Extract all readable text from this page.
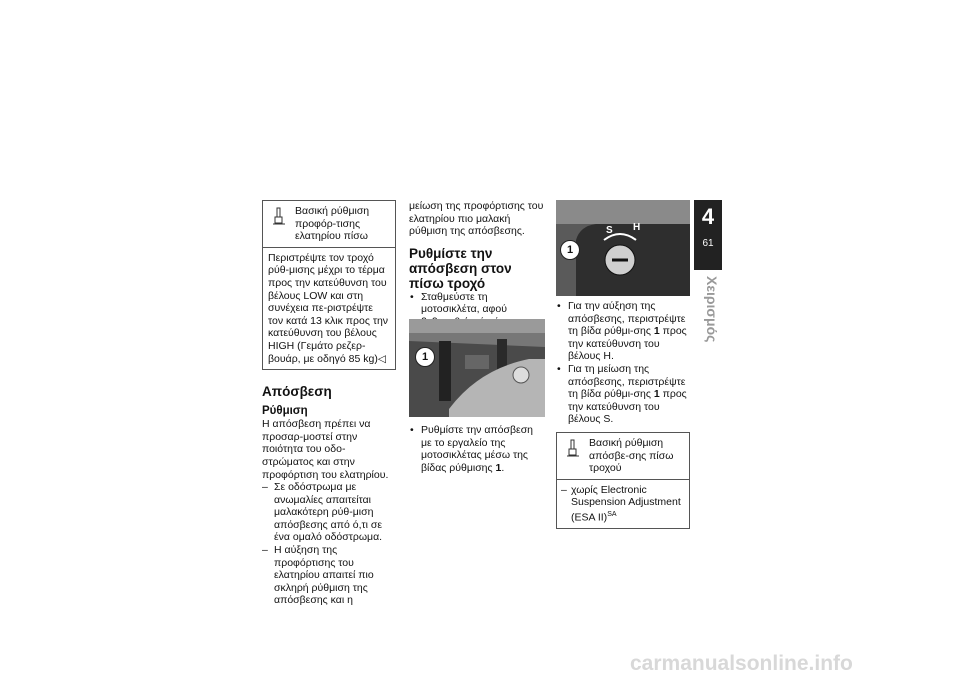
Βασική ρύθμιση προφόρ-τισης ελατηρίου πίσω
Περιστρέψτε τον τροχό ρύθ-μισης μέχρι το τέρμα προς την κατεύθυνση του βέλους LOW και στη συνέχεια πε-ριστρέψτε τον κατά 13 κλικ προς την κατεύθυνση του βέλους HIGH (Γεμάτο ρεζερ-βουάρ, με οδηγό 85 kg)◁
Απόσβεση
Ρύθμιση

Η απόσβεση πρέπει να προσαρ-μοστεί στην ποιότητα του οδο-στρώματος και στην προφόρτιση του ελατηρίου.

– Σε οδόστρωμα με ανωμαλίες απαιτείται μαλακότερη ρύθ-μιση απόσβεσης από ό,τι σε ένα ομαλό οδόστρωμα.
– Η αύξηση της προφόρτισης του ελατηρίου απαιτεί πιο σκληρή ρύθμιση της απόσβεσης και η

μείωση της προφόρτισης του ελατηρίου πιο μαλακή ρύθμιση της απόσβεσης.

Ρυθμίστε την απόσβεση στον πίσω τροχό
• Σταθμεύστε τη μοτοσικλέτα, αφού
1
• Ρυθμίστε την απόσβεση με το εργαλείο της μοτοσικλέτας μέσω της βίδας ρύθμισης 1.
S H
1
• Για την αύξηση της απόσβεσης, περιστρέψτε τη βίδα ρύθμι-σης 1 προς την κατεύθυνση του βέλους H.
• Για τη μείωση της απόσβεσης, περιστρέψτε τη βίδα ρύθμι-σης 1 προς την κατεύθυνση του βέλους S.
Βασική ρύθμιση απόσβε-σης πίσω τροχού
– χωρίς Electronic Suspension Adjustment (ESA II)$^{SA}$
4
61
Χειρισμός
carmanualsonline.info
